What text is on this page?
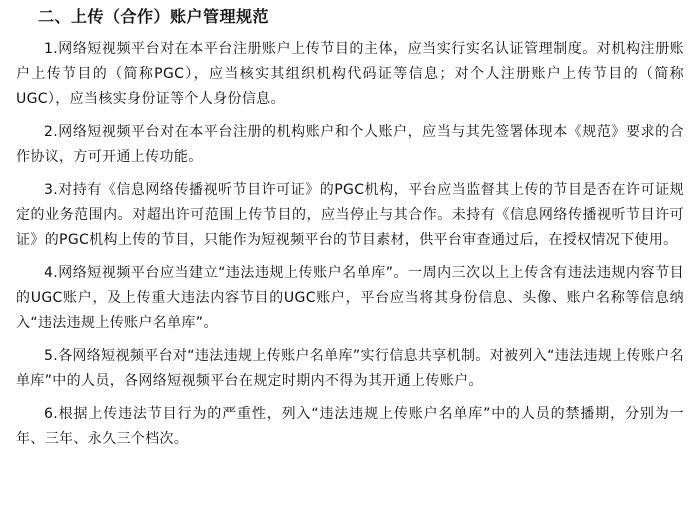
二、上传（合作）账户管理规范

1.网络短视频平台对在本平台注册账户上传节目的主体，应当实行实名认证管理制度。对机构注册账户上传节目的（简称PGC），应当核实其组织机构代码证等信息；对个人注册账户上传节目的（简称UGC），应当核实身份证等个人身份信息。

2.网络短视频平台对在本平台注册的机构账户和个人账户，应当与其先签署体现本《规范》要求的合作协议，方可开通上传功能。

3.对持有《信息网络传播视听节目许可证》的PGC机构，平台应当监督其上传的节目是否在许可证规定的业务范围内。对超出许可范围上传节目的，应当停止与其合作。未持有《信息网络传播视听节目许可证》的PGC机构上传的节目，只能作为短视频平台的节目素材，供平台审查通过后，在授权情况下使用。

4.网络短视频平台应当建立“违法违规上传账户名单库”。一周内三次以上上传含有违法违规内容节目的UGC账户，及上传重大违法内容节目的UGC账户，平台应当将其身份信息、头像、账户名称等信息纳入“违法违规上传账户名单库”。

5.各网络短视频平台对“违法违规上传账户名单库”实行信息共享机制。对被列入“违法违规上传账户名单库”中的人员，各网络短视频平台在规定时期内不得为其开通上传账户。

6.根据上传违法节目行为的严重性，列入“违法违规上传账户名单库”中的人员的禁播期，分别为一年、三年、永久三个档次。
